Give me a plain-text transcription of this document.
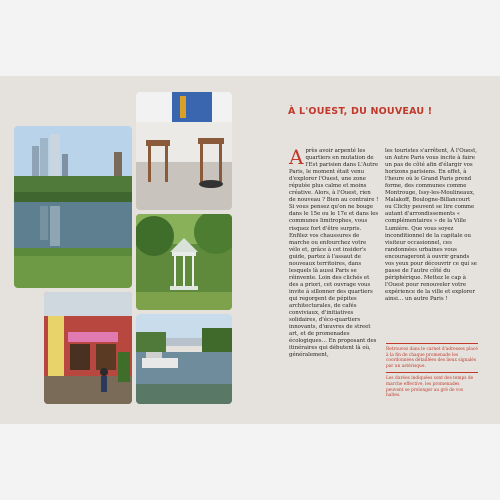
À L'OUEST, DU NOUVEAU !
A près avoir arpenté les quartiers en mutation de l'Est parisien dans L'Autre Paris, le moment était venu d'explorer l'Ouest, une zone réputée plus calme et moins créative. Alors, à l'Ouest, rien de nouveau ? Bien au contraire ! Si vous pensez qu'on ne bouge dans le 15e ou le 17e et dans les communes limitrophes, vous risquez fort d'être surpris. Enfilez vos chaussures de marche ou enfourchez votre vélo et, grâce à cet insider's guide, partez à l'assaut de nouveaux territoires, dans lesquels là aussi Paris se réinvente. Loin des clichés et des a priori, cet ouvrage vous invite à sillonner des quartiers qui regorgent de pépites architecturales, de cafés conviviaux, d'initiatives solidaires, d'éco-quartiers innovants, d'œuvres de street art, et de promenades écologiques… En proposant des itinéraires qui débutent là où, généralement,

les touristes s'arrêtent, À l'Ouest, un Autre Paris vous incite à faire un pas de côté afin d'élargir vos horizons parisiens. En effet, à l'heure où le Grand Paris prend forme, des communes comme Montrouge, Issy-les-Moulineaux, Malakoff, Boulogne-Billancourt ou Clichy peuvent se lire comme autant d'arrondissements « complémentaires » de la Ville Lumière. Que vous soyez inconditionnel de la capitale ou visiteur occasionnel, ces randonnées urbaines vous encourageront à ouvrir grands vos yeux pour découvrir ce qui se passe de l'autre côté du périphérique. Mettez le cap à l'Ouest pour renouveler votre expérience de la ville et explorer ainsi… un autre Paris !

Retrouvez dans le carnet d'adresses placé à la fin de chaque promenade les coordonnées détaillées des lieux signalés par un astérisque.

Les durées indiquées sont des temps de marche effective, les promenades peuvent se prolonger au gré de vos haltes.
